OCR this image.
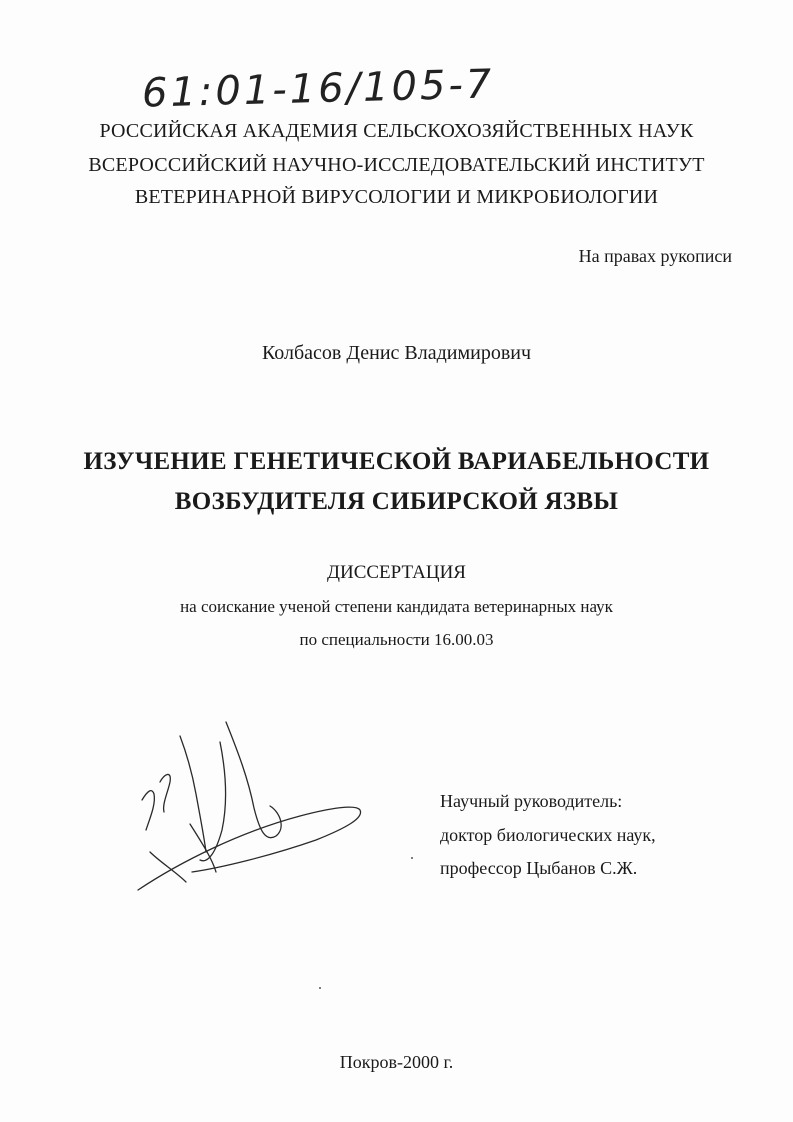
61:01-16/105-7
РОССИЙСКАЯ АКАДЕМИЯ СЕЛЬСКОХОЗЯЙСТВЕННЫХ НАУК
ВСЕРОССИЙСКИЙ НАУЧНО-ИССЛЕДОВАТЕЛЬСКИЙ ИНСТИТУТ
ВЕТЕРИНАРНОЙ ВИРУСОЛОГИИ И МИКРОБИОЛОГИИ
На правах рукописи
Колбасов Денис Владимирович
ИЗУЧЕНИЕ ГЕНЕТИЧЕСКОЙ ВАРИАБЕЛЬНОСТИ
ВОЗБУДИТЕЛЯ СИБИРСКОЙ ЯЗВЫ
ДИССЕРТАЦИЯ
на соискание ученой степени кандидата ветеринарных наук
по специальности 16.00.03
Научный руководитель:
доктор биологических наук,
профессор Цыбанов С.Ж.
Покров-2000 г.
